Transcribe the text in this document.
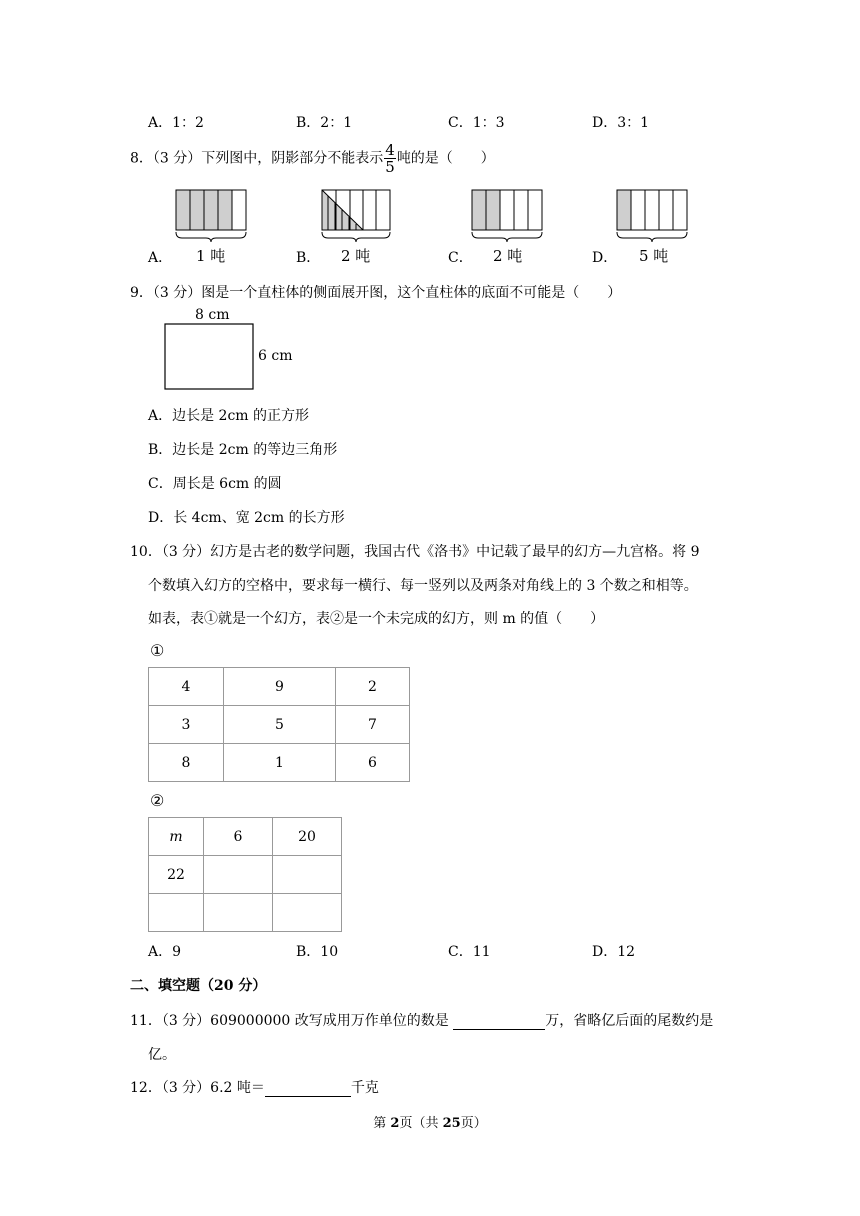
A．1：2	B．2：1	C．1：3	D．3：1
8．（3 分）下列图中，阴影部分不能表示 $\frac{4}{5}$ 吨的是（　　）
A． 1 吨	B． 2 吨	C． 2 吨	D． 5 吨
9．（3 分）图是一个直柱体的侧面展开图，这个直柱体的底面不可能是（　　）
8 cm
6 cm
A．边长是 2cm 的正方形
B．边长是 2cm 的等边三角形
C．周长是 6cm 的圆
D．长 4cm、宽 2cm 的长方形
10．（3 分）幻方是古老的数学问题，我国古代《洛书》中记载了最早的幻方—九宫格。将 9
个数填入幻方的空格中，要求每一横行、每一竖列以及两条对角线上的 3 个数之和相等。
如表，表①就是一个幻方，表②是一个未完成的幻方，则 m 的值（　　）
①
4	9	2
3	5	7
8	1	6
②
m	6	20
22		

A．9	B．10	C．11	D．12
二、填空题（20 分）
11．（3 分）609000000 改写成用万作单位的数是	万，省略亿后面的尾数约是
亿。
12．（3 分）6.2 吨＝	千克
第 2页（共 25页）
